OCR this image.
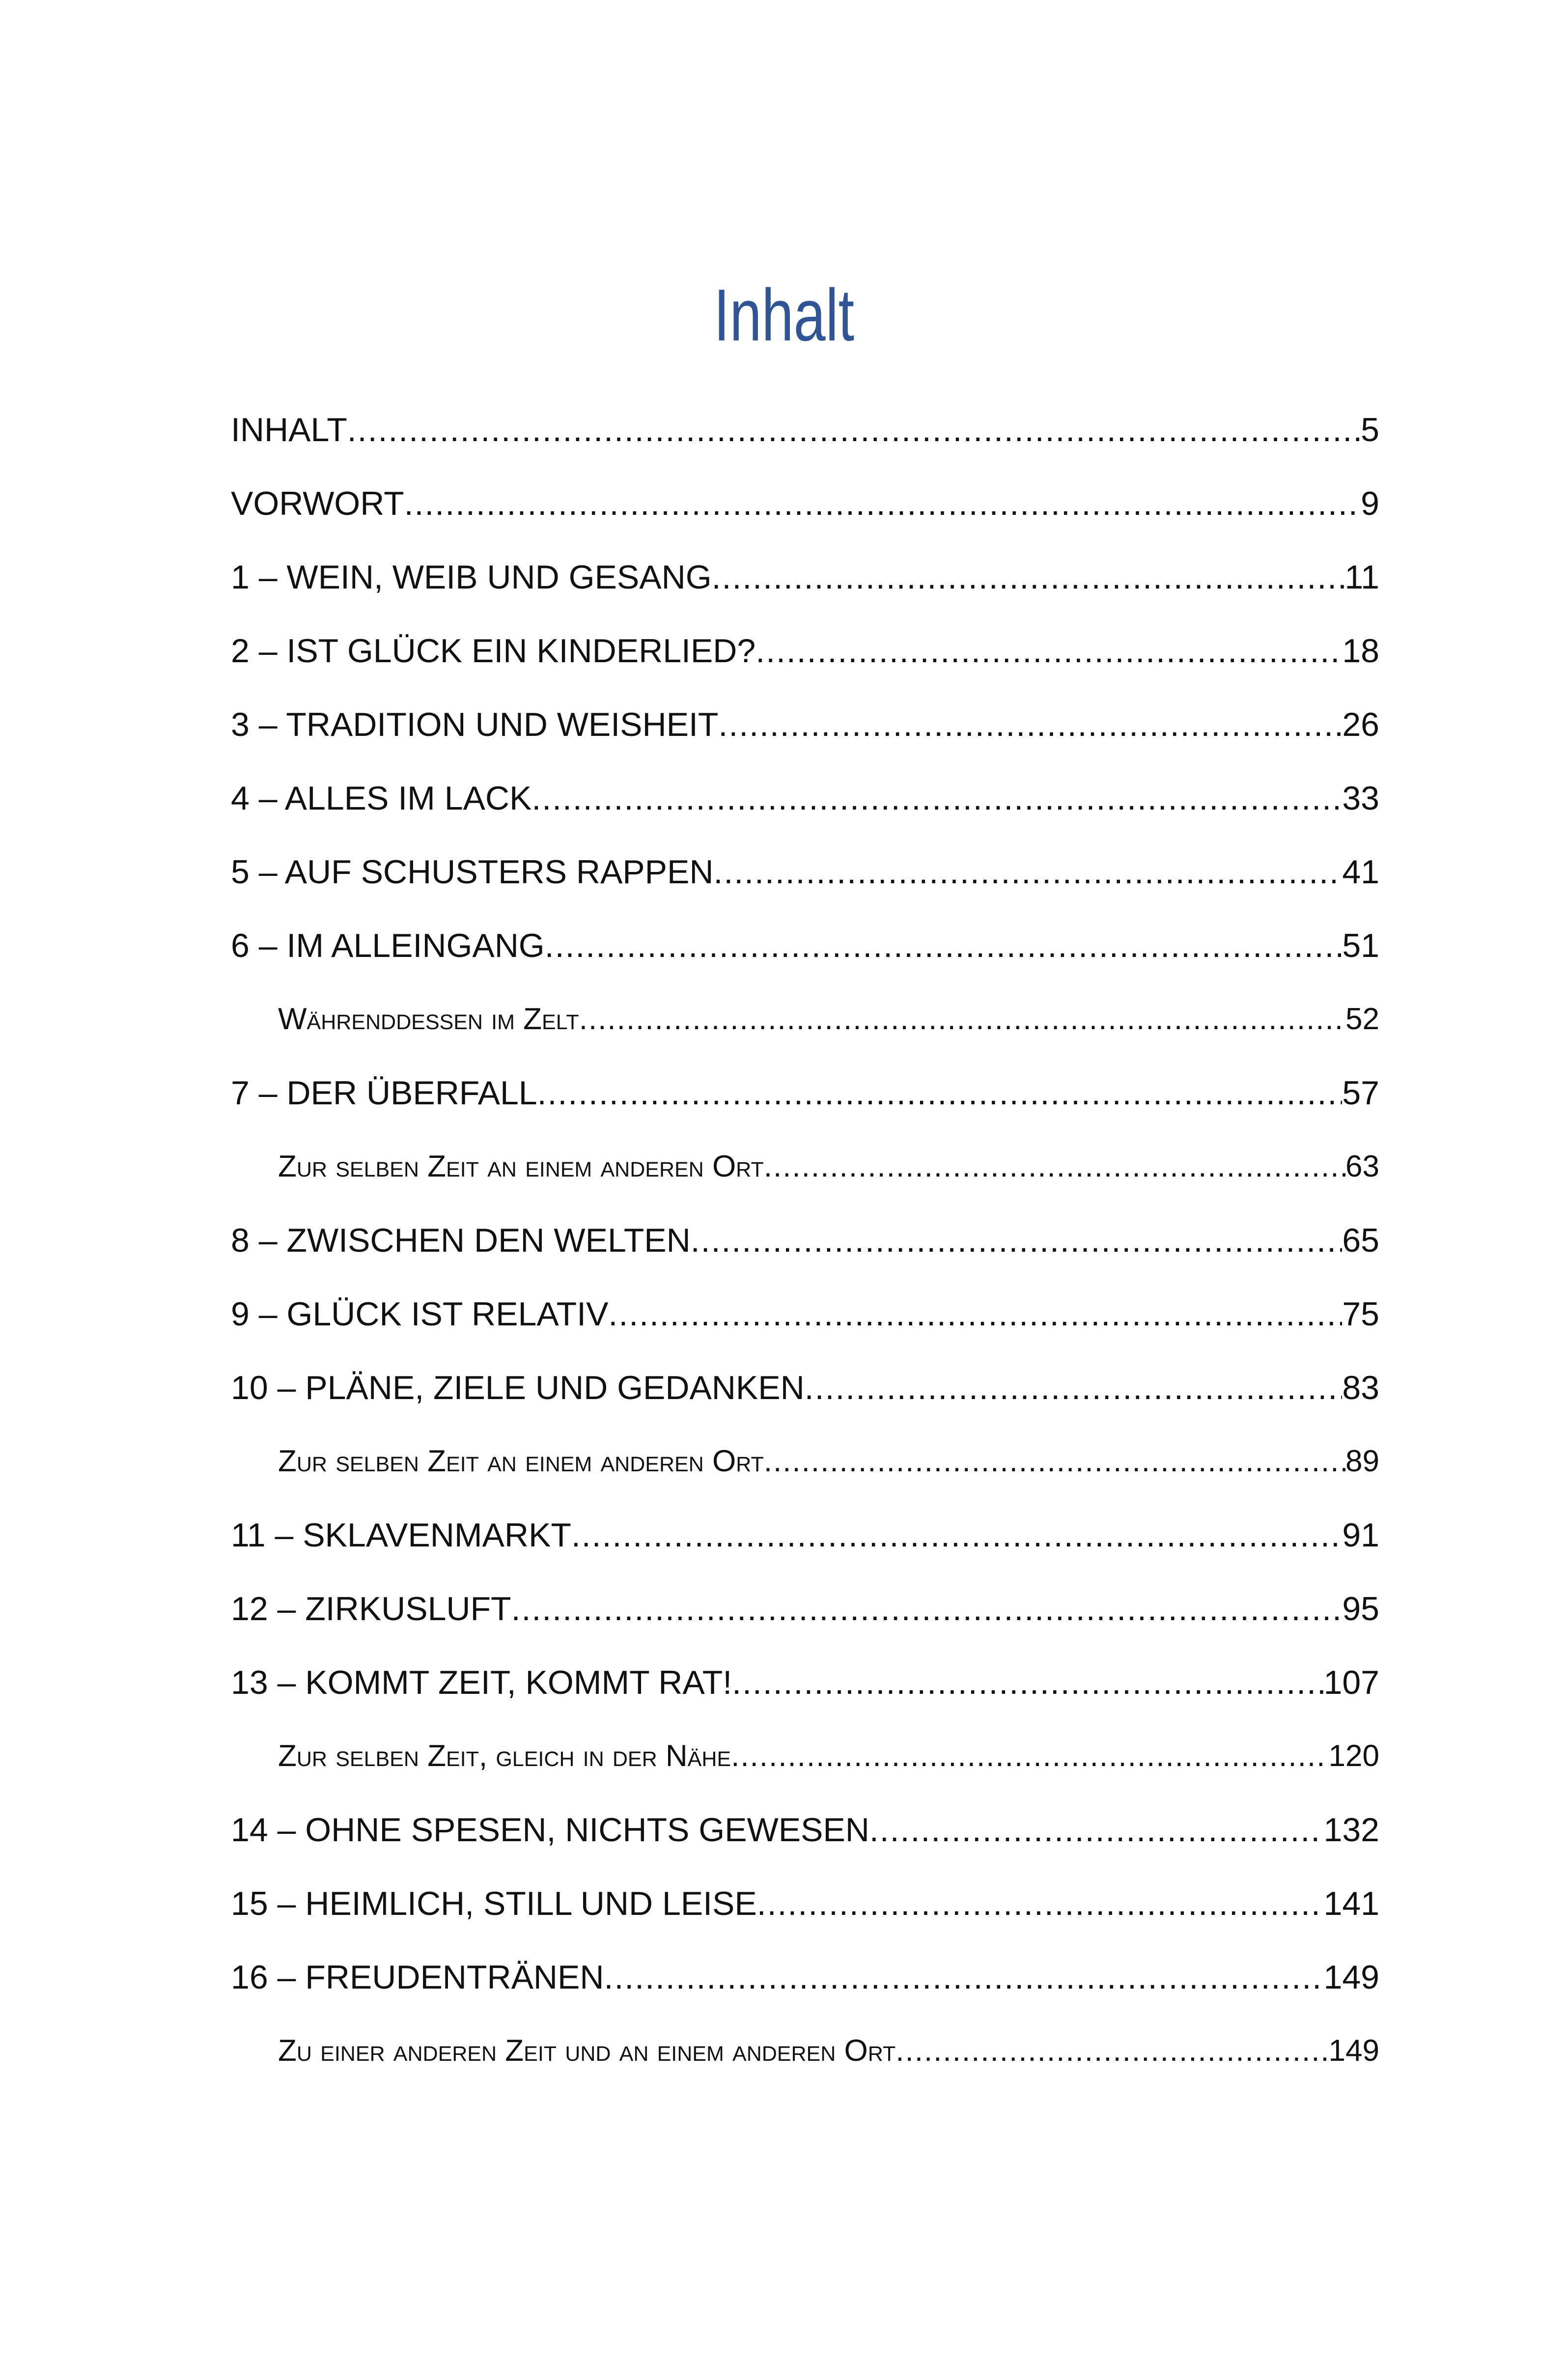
Inhalt
INHALT .....	5
VORWORT .....	9
1 – WEIN, WEIB UND GESANG .....	11
2 – IST GLÜCK EIN KINDERLIED? .....	18
3 – TRADITION UND WEISHEIT .....	26
4 – ALLES IM LACK .....	33
5 – AUF SCHUSTERS RAPPEN .....	41
6 – IM ALLEINGANG .....	51
Währenddessen im Zelt .....	52
7 – DER ÜBERFALL .....	57
Zur selben Zeit an einem anderen Ort .....	63
8 – ZWISCHEN DEN WELTEN .....	65
9 – GLÜCK IST RELATIV .....	75
10 – PLÄNE, ZIELE UND GEDANKEN .....	83
Zur selben Zeit an einem anderen Ort .....	89
11 – SKLAVENMARKT .....	91
12 – ZIRKUSLUFT .....	95
13 – KOMMT ZEIT, KOMMT RAT! .....	107
Zur selben Zeit, gleich in der Nähe .....	120
14 – OHNE SPESEN, NICHTS GEWESEN .....	132
15 – HEIMLICH, STILL UND LEISE .....	141
16 – FREUDENTRÄNEN .....	149
Zu einer anderen Zeit und an einem anderen Ort .....	149
